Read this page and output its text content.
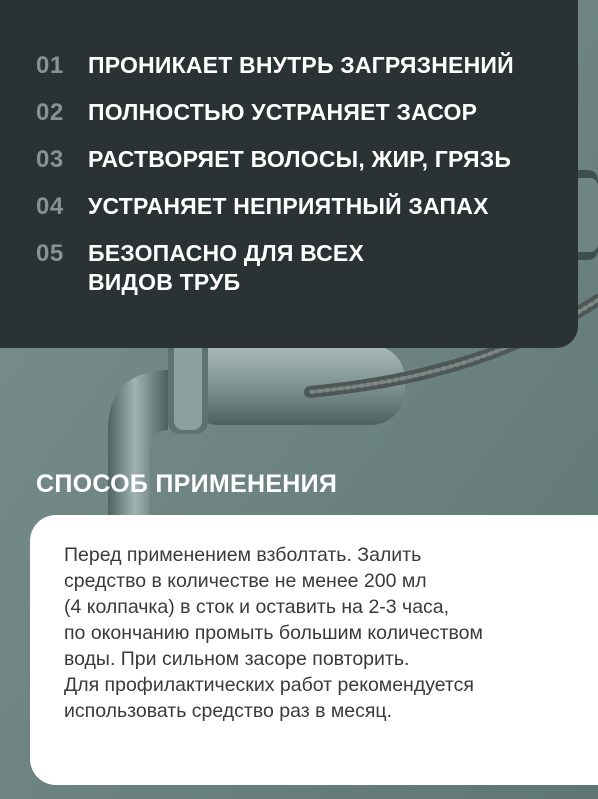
01	ПРОНИКАЕТ ВНУТРЬ ЗАГРЯЗНЕНИЙ
02	ПОЛНОСТЬЮ УСТРАНЯЕТ ЗАСОР
03	РАСТВОРЯЕТ ВОЛОСЫ, ЖИР, ГРЯЗЬ
04	УСТРАНЯЕТ НЕПРИЯТНЫЙ ЗАПАХ
05	БЕЗОПАСНО ДЛЯ ВСЕХ
ВИДОВ ТРУБ
СПОСОБ ПРИМЕНЕНИЯ
Перед применением взболтать. Залить
средство в количестве не менее 200 мл
(4 колпачка) в сток и оставить на 2-3 часа,
по окончанию промыть большим количеством
воды. При сильном засоре повторить.
Для профилактических работ рекомендуется
использовать средство раз в месяц.
